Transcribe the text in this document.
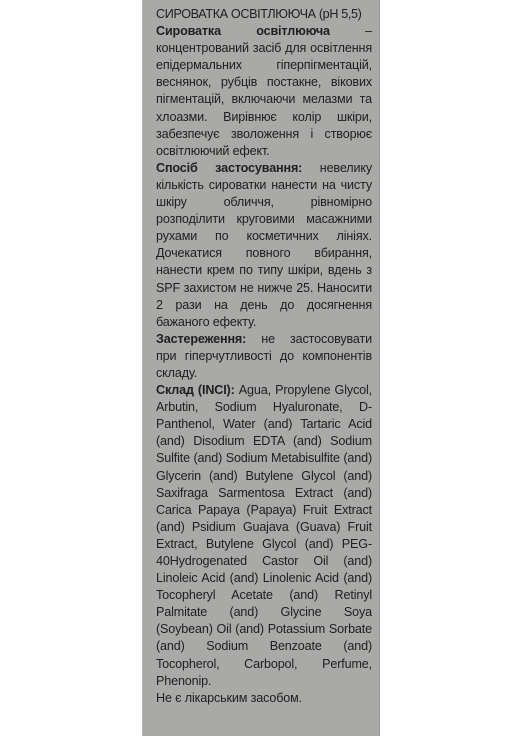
СИРОВАТКА ОСВІТЛЮЮЧА (рН 5,5)

Сироватка освітлююча – концентрований засіб для освітлення епідермальних гіперпігментацій, веснянок, рубців постакне, вікових пігментацій, включаючи мелазми та хлоазми. Вирівнює колір шкіри, забезпечує зволоження і створює освітлюючий ефект.

Спосіб застосування: невелику кількість сироватки нанести на чисту шкіру обличчя, рівномірно розподілити круговими масажними рухами по косметичних лініях. Дочекатися повного вбирання, нанести крем по типу шкіри, вдень з SPF захистом не нижче 25. Наносити 2 рази на день до досягнення бажаного ефекту.

Застереження: не застосовувати при гіперчутливості до компонентів складу.

Склад (INCI): Agua, Propylene Glycol, Arbutin, Sodium Hyaluronate, D-Panthenol, Water (and) Tartaric Acid (and) Disodium EDTA (and) Sodium Sulfite (and) Sodium Metabisulfite (and) Glycerin (and) Butylene Glycol (and) Saxifraga Sarmentosa Extract (and) Carica Papaya (Papaya) Fruit Extract (and) Psidium Guajava (Guava) Fruit Extract, Butylene Glycol (and) PEG-40Hydrogenated Castor Oil (and) Linoleic Acid (and) Linolenic Acid (and) Tocopheryl Acetate (and) Retinyl Palmitate (and) Glycine Soya (Soybean) Oil (and) Potassium Sorbate (and) Sodium Benzoate (and) Tocopherol, Carbopol, Perfume, Phenonip.

Не є лікарським засобом.
